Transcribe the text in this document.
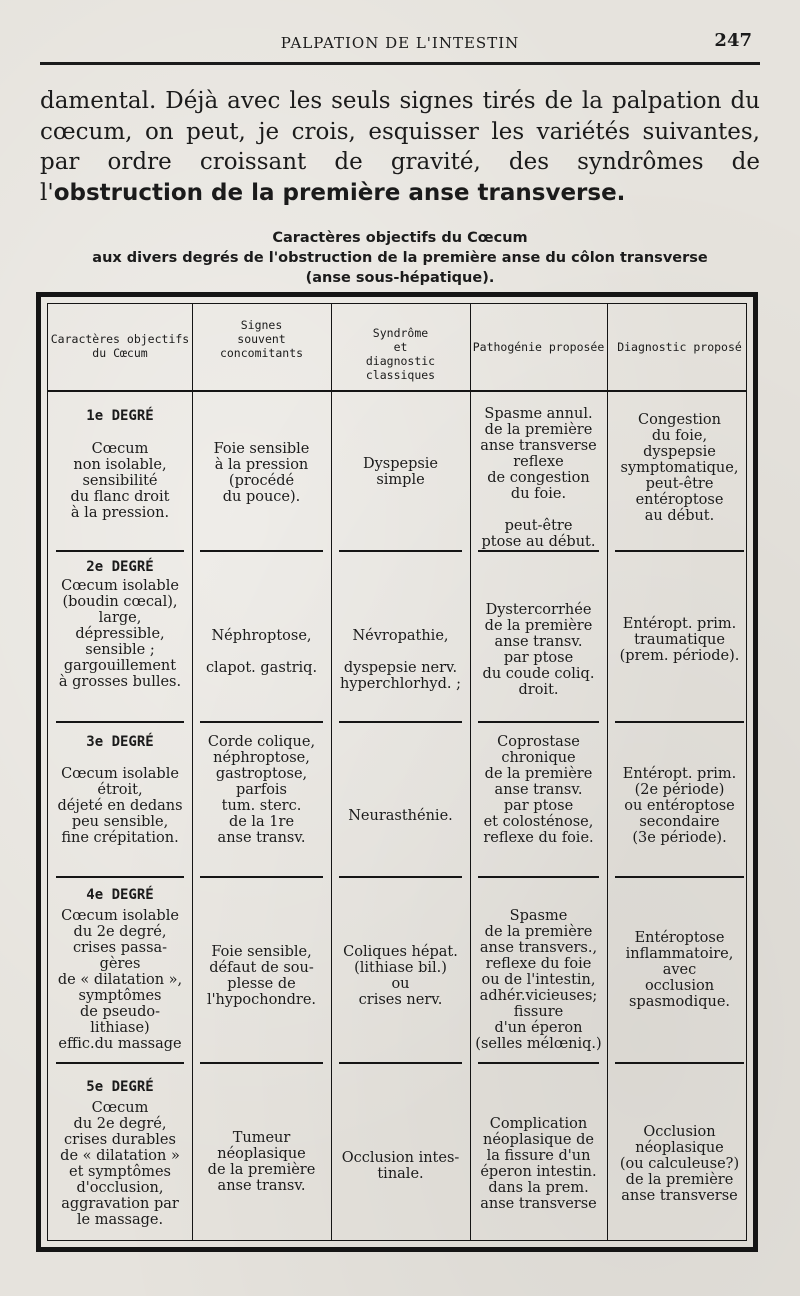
PALPATION DE L'INTESTIN	247

damental. Déjà avec les seuls signes tirés de la palpation du cœcum, on peut, je crois, esquisser les variétés suivantes, par ordre croissant de gravité, des syndrômes de l'obstruction de la première anse transverse.

Caractères objectifs du Cœcum
aux divers degrés de l'obstruction de la première anse du côlon transverse
(anse sous-hépatique).
Caractères objectifs
du Cœcum
Signes
souvent
concomitants
Syndrôme
et
diagnostic classiques
Pathogénie proposée	Diagnostic proposé
1e DEGRÉ
Cœcum
non isolable,
sensibilité
du flanc droit
à la pression.
Foie sensible
à la pression
(procédé
du pouce).
Dyspepsie
simple
Spasme annul.
de la première
anse transverse
reflexe
de congestion
du foie.

peut-être
ptose au début.
Congestion
du foie,
dyspepsie
symptomatique,
peut-être
entéroptose
au début.
2e DEGRÉ
Cœcum isolable
(boudin cœcal),
large,
dépressible,
sensible ;
gargouillement
à grosses bulles.
Néphroptose,

clapot. gastriq.
Névropathie,

dyspepsie nerv.
hyperchlorhyd. ;
Dystercorrhée
de la première
anse transv.
par ptose
du coude coliq.
droit.
Entéropt. prim.
traumatique
(prem. période).
3e DEGRÉ
Cœcum isolable
étroit,
déjeté en dedans
peu sensible,
fine crépitation.
Corde colique,
néphroptose,
gastroptose,
parfois
tum. sterc.
de la 1re
anse transv.
Neurasthénie.
Coprostase
chronique
de la première
anse transv.
par ptose
et colosténose,
reflexe du foie.
Entéropt. prim.
(2e période)
ou entéroptose
secondaire
(3e période).
4e DEGRÉ
Cœcum isolable
du 2e degré,
crises passa-
gères
de « dilatation »,
symptômes
de pseudo-
lithiase)
effic.du massage
Foie sensible,
défaut de sou-
plesse de
l'hypochondre.
Coliques hépat.
(lithiase bil.)
ou
crises nerv.
Spasme
de la première
anse transvers.,
reflexe du foie
ou de l'intestin,
adhér.vicieuses;
fissure
d'un éperon
(selles mélœniq.)
Entéroptose
inflammatoire,
avec
occlusion
spasmodique.
5e DEGRÉ
Cœcum
du 2e degré,
crises durables
de « dilatation »
et symptômes
d'occlusion,
aggravation par
le massage.
Tumeur
néoplasique
de la première
anse transv.
Occlusion intes-
tinale.
Complication
néoplasique de
la fissure d'un
éperon intestin.
dans la prem.
anse transverse
Occlusion
néoplasique
(ou calculeuse?)
de la première
anse transverse
